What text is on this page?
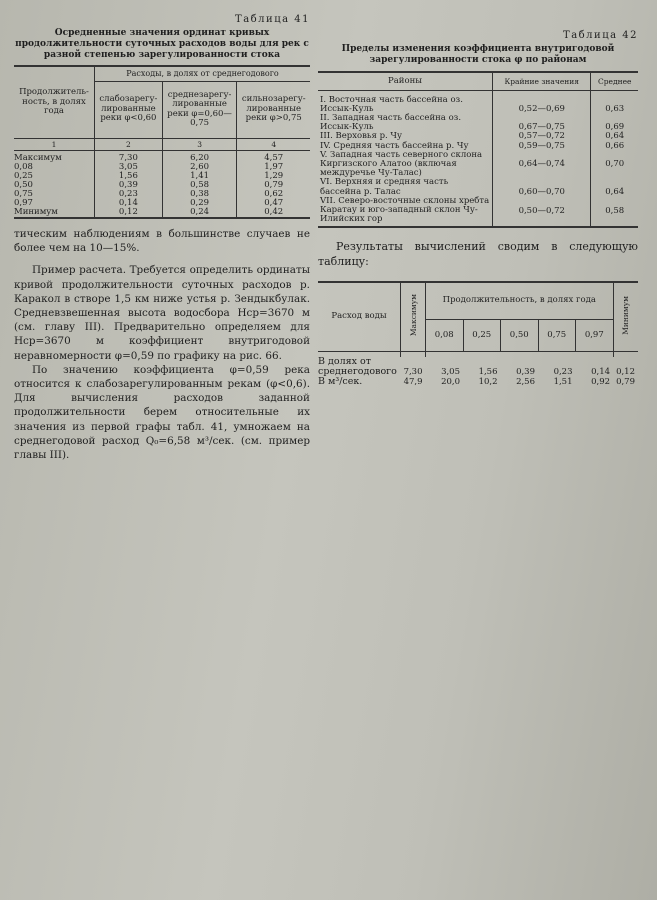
Таблица 41
Осредненные значения ординат кривых продолжительности суточных расходов воды для рек с разной степенью зарегулированности стока
Продолжитель- ность, в долях года	Расходы, в долях от среднегодового		
	слабозарегу- лированные реки φ<0,60	среднезарегу- лированные реки φ=0,60—0,75	сильнозарегу- лированные реки φ>0,75
1	2	3	4

Максимум	7,30	6,20	4,57
0,08	3,05	2,60	1,97
0,25	1,56	1,41	1,29
0,50	0,39	0,58	0,79
0,75	0,23	0,38	0,62
0,97	0,14	0,29	0,47
Минимум	0,12	0,24	0,42

тическим наблюдениям в большинстве случаев не более чем на 10—15%.

Пример расчета. Требуется определить ординаты кривой продолжительности суточных расходов р. Каракол в створе 1,5 км ниже устья р. Зендыкбулак. Средневзвешенная высота водосбора Hср=3670 м (см. главу III). Предварительно определяем для Hср=3670 м коэффициент внутригодовой неравномерности φ=0,59 по графику на рис. 66.

По значению коэффициента φ=0,59 река относится к слабозарегулированным рекам (φ<0,6). Для вычисления расходов заданной продолжительности берем относительные их значения из первой графы табл. 41, умножаем на среднегодовой расход Q₀=6,58 м³/сек. (см. пример главы III).

Таблица 42
Пределы изменения коэффициента внутригодовой зарегулированности стока φ по районам
Районы	Крайние значения	Среднее

I. Восточная часть бассейна оз. Иссык-Куль	0,52—0,69	0,63
II. Западная часть бассейна оз. Иссык-Куль	0,67—0,75	0,69
III. Верховья р. Чу	0,57—0,72	0,64
IV. Средняя часть бассейна р. Чу	0,59—0,75	0,66
V. Западная часть северного склона Киргизского Алатоо (включая междуречье Чу-Талас)	0,64—0,74	0,70
VI. Верхняя и средняя часть бассейна р. Талас	0,60—0,70	0,64
VII. Северо-восточные склоны хребта Каратау и юго-западный склон Чу-Илийских гор	0,50—0,72	0,58

Результаты вычислений сводим в следующую таблицу:

Расход воды	Максимум	Продолжительность, в долях года					Минимум
		0,08	0,25	0,50	0,75	0,97	

В долях от среднегодового	7,30	3,05	1,56	0,39	0,23	0,14	0,12
В м³/сек.	47,9	20,0	10,2	2,56	1,51	0,92	0,79
